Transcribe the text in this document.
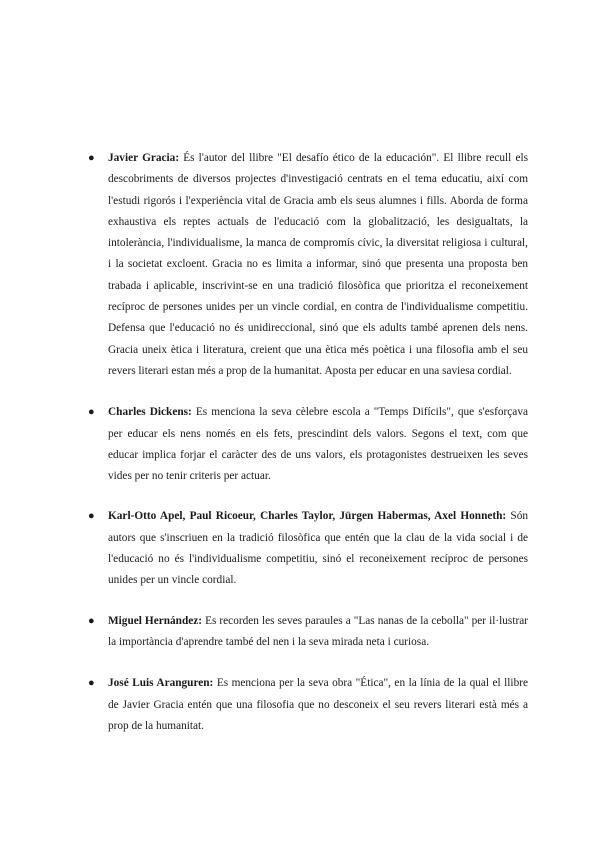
● Javier Gracia: És l'autor del llibre "El desafío ético de la educación". El llibre recull els descobriments de diversos projectes d'investigació centrats en el tema educatiu, així com l'estudi rigorós i l'experiència vital de Gracia amb els seus alumnes i fills. Aborda de forma exhaustiva els reptes actuals de l'educació com la globalització, les desigualtats, la intolerància, l'individualisme, la manca de compromís cívic, la diversitat religiosa i cultural, i la societat excloent. Gracia no es limita a informar, sinó que presenta una proposta ben trabada i aplicable, inscrivint-se en una tradició filosòfica que prioritza el reconeixement recíproc de persones unides per un vincle cordial, en contra de l'individualisme competitiu. Defensa que l'educació no és unidireccional, sinó que els adults també aprenen dels nens. Gracia uneix ètica i literatura, creient que una ètica més poètica i una filosofia amb el seu revers literari estan més a prop de la humanitat. Aposta per educar en una saviesa cordial.
● Charles Dickens: Es menciona la seva cèlebre escola a "Temps Difícils", que s'esforçava per educar els nens només en els fets, prescindint dels valors. Segons el text, com que educar implica forjar el caràcter des de uns valors, els protagonistes destrueixen les seves vides per no tenir criteris per actuar.
● Karl-Otto Apel, Paul Ricoeur, Charles Taylor, Jürgen Habermas, Axel Honneth: Són autors que s'inscriuen en la tradició filosòfica que entén que la clau de la vida social i de l'educació no és l'individualisme competitiu, sinó el reconeixement recíproc de persones unides per un vincle cordial.
● Miguel Hernández: Es recorden les seves paraules a "Las nanas de la cebolla" per il·lustrar la importància d'aprendre també del nen i la seva mirada neta i curiosa.
● José Luis Aranguren: Es menciona per la seva obra "Ética", en la línia de la qual el llibre de Javier Gracia entén que una filosofia que no desconeix el seu revers literari està més a prop de la humanitat.
